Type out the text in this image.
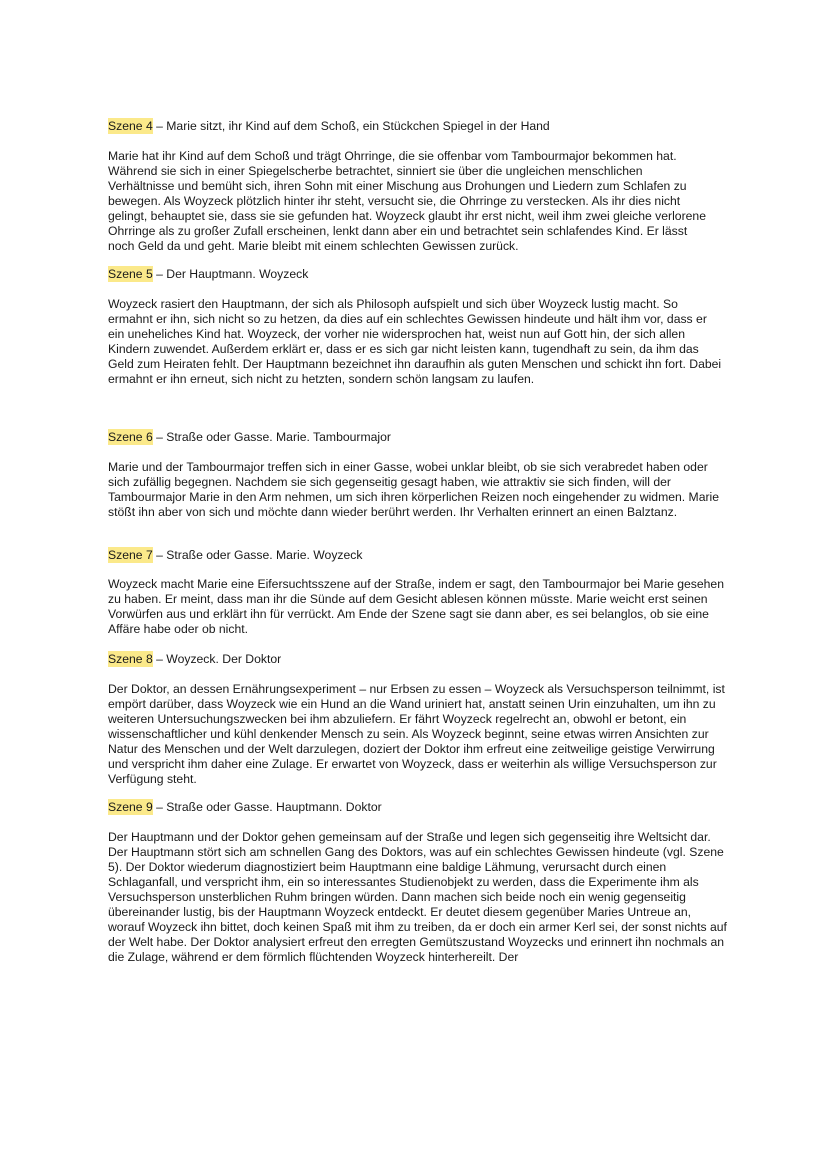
Szene 4 – Marie sitzt, ihr Kind auf dem Schoß, ein Stückchen Spiegel in der Hand

Marie hat ihr Kind auf dem Schoß und trägt Ohrringe, die sie offenbar vom Tambourmajor bekommen hat. Während sie sich in einer Spiegelscherbe betrachtet, sinniert sie über die ungleichen menschlichen Verhältnisse und bemüht sich, ihren Sohn mit einer Mischung aus Drohungen und Liedern zum Schlafen zu bewegen. Als Woyzeck plötzlich hinter ihr steht, versucht sie, die Ohrringe zu verstecken. Als ihr dies nicht gelingt, behauptet sie, dass sie sie gefunden hat. Woyzeck glaubt ihr erst nicht, weil ihm zwei gleiche verlorene Ohrringe als zu großer Zufall erscheinen, lenkt dann aber ein und betrachtet sein schlafendes Kind. Er lässt noch Geld da und geht. Marie bleibt mit einem schlechten Gewissen zurück.

Szene 5 – Der Hauptmann. Woyzeck

Woyzeck rasiert den Hauptmann, der sich als Philosoph aufspielt und sich über Woyzeck lustig macht. So ermahnt er ihn, sich nicht so zu hetzen, da dies auf ein schlechtes Gewissen hindeute und hält ihm vor, dass er ein uneheliches Kind hat. Woyzeck, der vorher nie widersprochen hat, weist nun auf Gott hin, der sich allen Kindern zuwendet. Außerdem erklärt er, dass er es sich gar nicht leisten kann, tugendhaft zu sein, da ihm das Geld zum Heiraten fehlt. Der Hauptmann bezeichnet ihn daraufhin als guten Menschen und schickt ihn fort. Dabei ermahnt er ihn erneut, sich nicht zu hetzten, sondern schön langsam zu laufen.

Szene 6 – Straße oder Gasse. Marie. Tambourmajor

Marie und der Tambourmajor treffen sich in einer Gasse, wobei unklar bleibt, ob sie sich verabredet haben oder sich zufällig begegnen. Nachdem sie sich gegenseitig gesagt haben, wie attraktiv sie sich finden, will der Tambourmajor Marie in den Arm nehmen, um sich ihren körperlichen Reizen noch eingehender zu widmen. Marie stößt ihn aber von sich und möchte dann wieder berührt werden. Ihr Verhalten erinnert an einen Balztanz.

Szene 7 – Straße oder Gasse. Marie. Woyzeck

Woyzeck macht Marie eine Eifersuchtsszene auf der Straße, indem er sagt, den Tambourmajor bei Marie gesehen zu haben. Er meint, dass man ihr die Sünde auf dem Gesicht ablesen können müsste. Marie weicht erst seinen Vorwürfen aus und erklärt ihn für verrückt. Am Ende der Szene sagt sie dann aber, es sei belanglos, ob sie eine Affäre habe oder ob nicht.

Szene 8 – Woyzeck. Der Doktor

Der Doktor, an dessen Ernährungsexperiment – nur Erbsen zu essen – Woyzeck als Versuchsperson teilnimmt, ist empört darüber, dass Woyzeck wie ein Hund an die Wand uriniert hat, anstatt seinen Urin einzuhalten, um ihn zu weiteren Untersuchungszwecken bei ihm abzuliefern. Er fährt Woyzeck regelrecht an, obwohl er betont, ein wissenschaftlicher und kühl denkender Mensch zu sein. Als Woyzeck beginnt, seine etwas wirren Ansichten zur Natur des Menschen und der Welt darzulegen, doziert der Doktor ihm erfreut eine zeitweilige geistige Verwirrung und verspricht ihm daher eine Zulage. Er erwartet von Woyzeck, dass er weiterhin als willige Versuchsperson zur Verfügung steht.

Szene 9 – Straße oder Gasse. Hauptmann. Doktor

Der Hauptmann und der Doktor gehen gemeinsam auf der Straße und legen sich gegenseitig ihre Weltsicht dar. Der Hauptmann stört sich am schnellen Gang des Doktors, was auf ein schlechtes Gewissen hindeute (vgl. Szene 5). Der Doktor wiederum diagnostiziert beim Hauptmann eine baldige Lähmung, verursacht durch einen Schlaganfall, und verspricht ihm, ein so interessantes Studienobjekt zu werden, dass die Experimente ihm als Versuchsperson unsterblichen Ruhm bringen würden. Dann machen sich beide noch ein wenig gegenseitig übereinander lustig, bis der Hauptmann Woyzeck entdeckt. Er deutet diesem gegenüber Maries Untreue an, worauf Woyzeck ihn bittet, doch keinen Spaß mit ihm zu treiben, da er doch ein armer Kerl sei, der sonst nichts auf der Welt habe. Der Doktor analysiert erfreut den erregten Gemütszustand Woyzecks und erinnert ihn nochmals an die Zulage, während er dem förmlich flüchtenden Woyzeck hinterhereilt. Der
